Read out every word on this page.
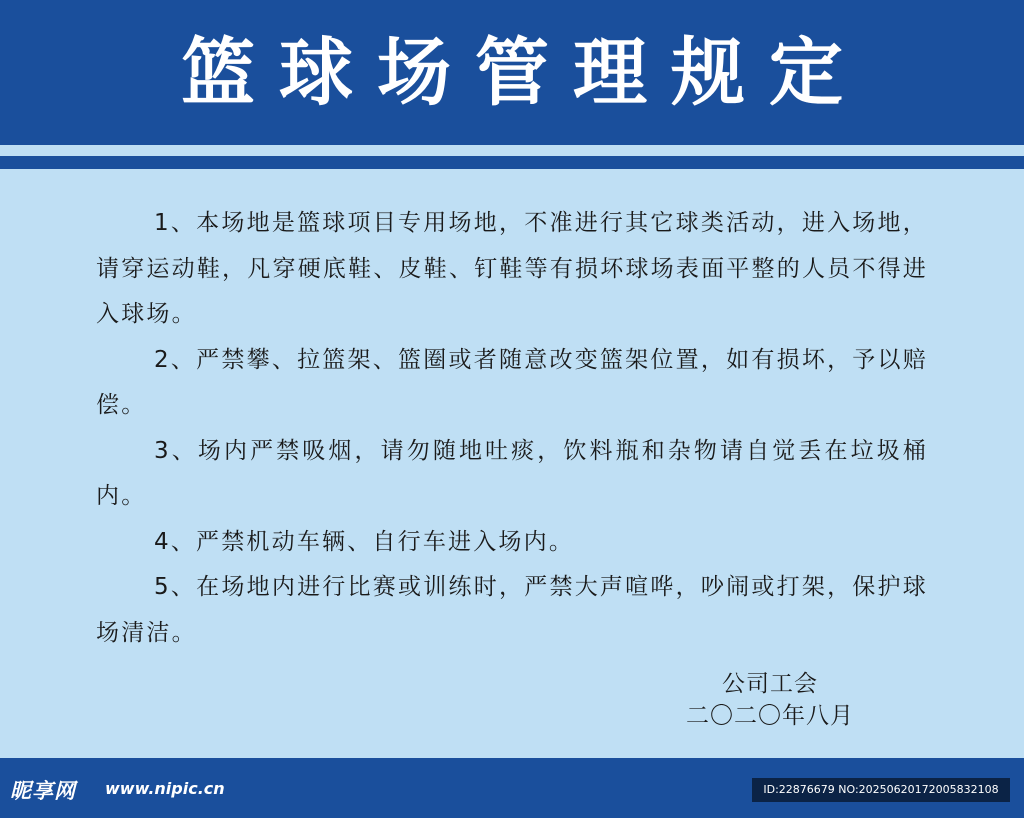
篮球场管理规定

1、本场地是篮球项目专用场地，不准进行其它球类活动，进入场地，请穿运动鞋，凡穿硬底鞋、皮鞋、钉鞋等有损坏球场表面平整的人员不得进入球场。

2、严禁攀、拉篮架、篮圈或者随意改变篮架位置，如有损坏，予以赔偿。

3、场内严禁吸烟，请勿随地吐痰，饮料瓶和杂物请自觉丢在垃圾桶内。

4、严禁机动车辆、自行车进入场内。

5、在场地内进行比赛或训练时，严禁大声喧哗，吵闹或打架，保护球场清洁。

公司工会
二〇二〇年八月
昵享网 www.nipic.cn	ID:22876679 NO:20250620172005832108
